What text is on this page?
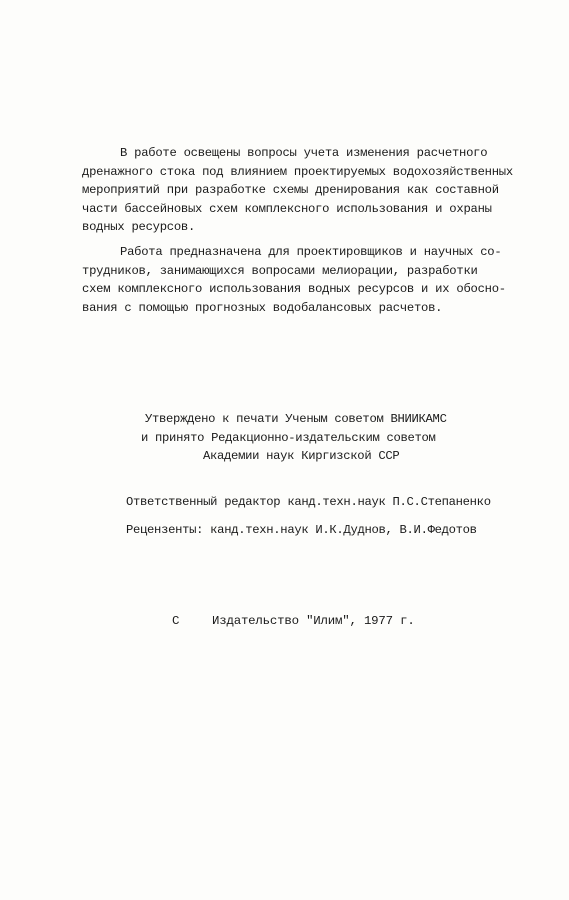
В работе освещены вопросы учета изменения расчетного
дренажного стока под влиянием проектируемых водохозяйственных
мероприятий при разработке схемы дренирования как составной
части бассейновых схем комплексного использования и охраны
водных ресурсов.
Работа предназначена для проектировщиков и научных со-
трудников, занимающихся вопросами мелиорации, разработки
схем комплексного использования водных ресурсов и их обосно-
вания с помощью прогнозных водобалансовых расчетов.
Утверждено к печати Ученым советом ВНИИКАМС
и принято Редакционно-издательским советом
Академии наук Киргизской ССР
Ответственный редактор канд.техн.наук П.С.Степаненко
Рецензенты: канд.техн.наук И.К.Дуднов, В.И.Федотов
С	Издательство "Илим", 1977 г.
